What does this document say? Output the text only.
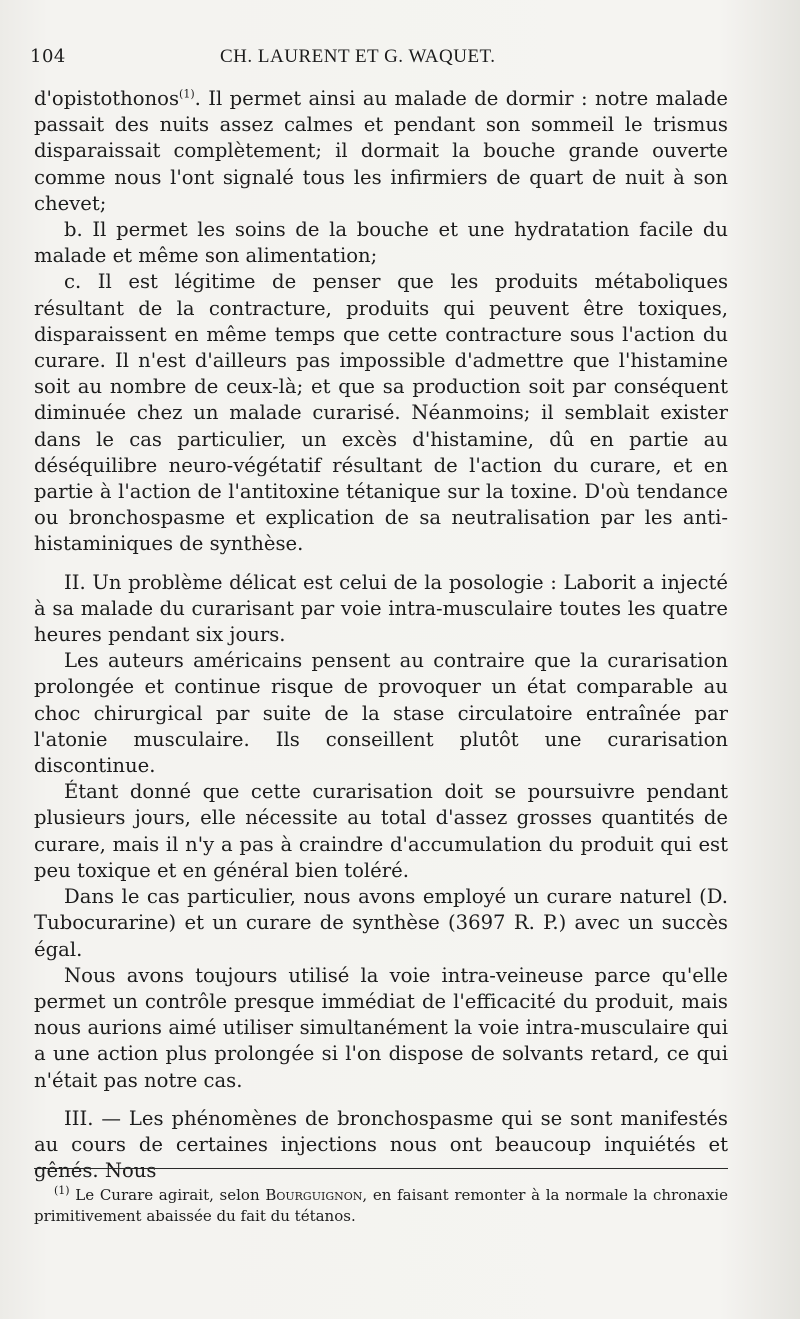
104	CH. LAURENT ET G. WAQUET.

d'opistothonos$^{(1)}$. Il permet ainsi au malade de dormir : notre malade passait des nuits assez calmes et pendant son sommeil le trismus disparaissait complètement; il dormait la bouche grande ouverte comme nous l'ont signalé tous les infirmiers de quart de nuit à son chevet;

b. Il permet les soins de la bouche et une hydratation facile du malade et même son alimentation;

c. Il est légitime de penser que les produits métaboliques résultant de la contracture, produits qui peuvent être toxiques, disparaissent en même temps que cette contracture sous l'action du curare. Il n'est d'ailleurs pas impossible d'admettre que l'histamine soit au nombre de ceux-là; et que sa production soit par conséquent diminuée chez un malade curarisé. Néanmoins; il semblait exister dans le cas particulier, un excès d'histamine, dû en partie au déséquilibre neuro-végétatif résultant de l'action du curare, et en partie à l'action de l'antitoxine tétanique sur la toxine. D'où tendance ou bronchospasme et explication de sa neutralisation par les anti-histaminiques de synthèse.

II. Un problème délicat est celui de la posologie : Laborit a injecté à sa malade du curarisant par voie intra-musculaire toutes les quatre heures pendant six jours.

Les auteurs américains pensent au contraire que la curarisation prolongée et continue risque de provoquer un état comparable au choc chirurgical par suite de la stase circulatoire entraînée par l'atonie musculaire. Ils conseillent plutôt une curarisation discontinue.

Étant donné que cette curarisation doit se poursuivre pendant plusieurs jours, elle nécessite au total d'assez grosses quantités de curare, mais il n'y a pas à craindre d'accumulation du produit qui est peu toxique et en général bien toléré.

Dans le cas particulier, nous avons employé un curare naturel (D. Tubocurarine) et un curare de synthèse (3697 R. P.) avec un succès égal.

Nous avons toujours utilisé la voie intra-veineuse parce qu'elle permet un contrôle presque immédiat de l'efficacité du produit, mais nous aurions aimé utiliser simultanément la voie intra-musculaire qui a une action plus prolongée si l'on dispose de solvants retard, ce qui n'était pas notre cas.

III. — Les phénomènes de bronchospasme qui se sont manifestés au cours de certaines injections nous ont beaucoup inquiétés et gênés. Nous

$^{(1)}$ Le Curare agirait, selon Bourguignon, en faisant remonter à la normale la chronaxie primitivement abaissée du fait du tétanos.
